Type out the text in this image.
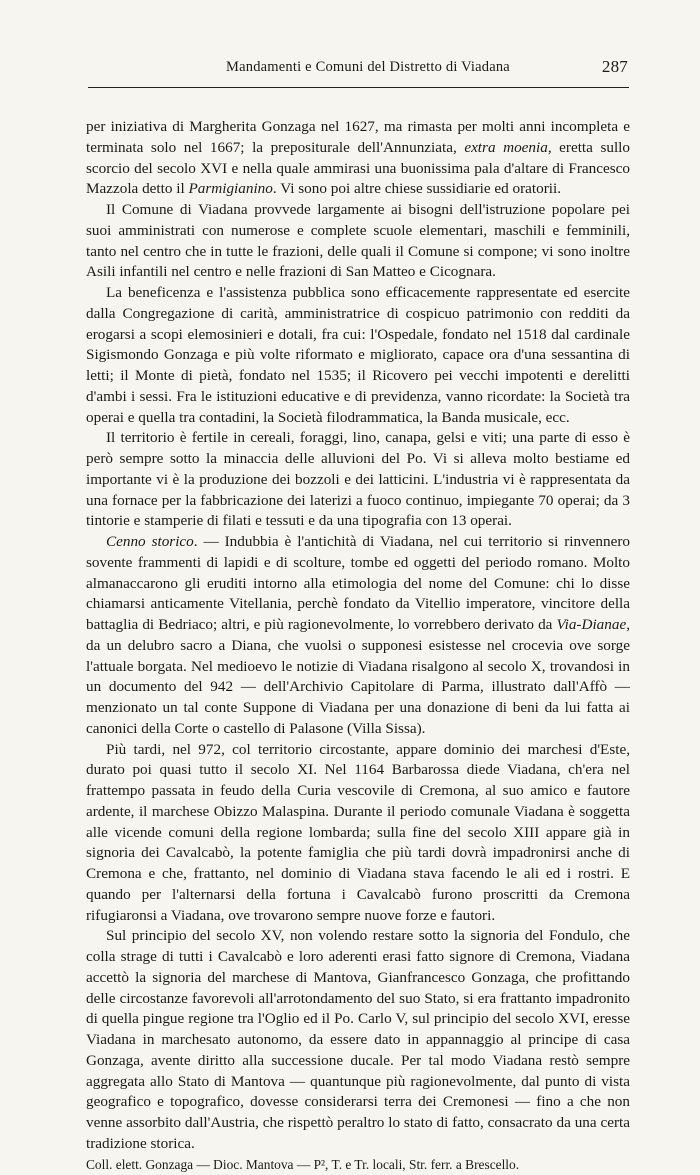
Mandamenti e Comuni del Distretto di Viadana	287

per iniziativa di Margherita Gonzaga nel 1627, ma rimasta per molti anni incompleta e terminata solo nel 1667; la prepositurale dell'Annunziata, extra moenia, eretta sullo scorcio del secolo XVI e nella quale ammirasi una buonissima pala d'altare di Francesco Mazzola detto il Parmigianino. Vi sono poi altre chiese sussidiarie ed oratorii.

Il Comune di Viadana provvede largamente ai bisogni dell'istruzione popolare pei suoi amministrati con numerose e complete scuole elementari, maschili e femminili, tanto nel centro che in tutte le frazioni, delle quali il Comune si compone; vi sono inoltre Asili infantili nel centro e nelle frazioni di San Matteo e Cicognara.

La beneficenza e l'assistenza pubblica sono efficacemente rappresentate ed esercite dalla Congregazione di carità, amministratrice di cospicuo patrimonio con redditi da erogarsi a scopi elemosinieri e dotali, fra cui: l'Ospedale, fondato nel 1518 dal cardinale Sigismondo Gonzaga e più volte riformato e migliorato, capace ora d'una sessantina di letti; il Monte di pietà, fondato nel 1535; il Ricovero pei vecchi impotenti e derelitti d'ambi i sessi. Fra le istituzioni educative e di previdenza, vanno ricordate: la Società tra operai e quella tra contadini, la Società filodrammatica, la Banda musicale, ecc.

Il territorio è fertile in cereali, foraggi, lino, canapa, gelsi e viti; una parte di esso è però sempre sotto la minaccia delle alluvioni del Po. Vi si alleva molto bestiame ed importante vi è la produzione dei bozzoli e dei latticini. L'industria vi è rappresentata da una fornace per la fabbricazione dei laterizi a fuoco continuo, impiegante 70 operai; da 3 tintorie e stamperie di filati e tessuti e da una tipografia con 13 operai.

Cenno storico. — Indubbia è l'antichità di Viadana, nel cui territorio si rinvennero sovente frammenti di lapidi e di scolture, tombe ed oggetti del periodo romano. Molto almanaccarono gli eruditi intorno alla etimologia del nome del Comune: chi lo disse chiamarsi anticamente Vitellania, perchè fondato da Vitellio imperatore, vincitore della battaglia di Bedriaco; altri, e più ragionevolmente, lo vorrebbero derivato da Via-Dianae, da un delubro sacro a Diana, che vuolsi o supponesi esistesse nel crocevia ove sorge l'attuale borgata. Nel medioevo le notizie di Viadana risalgono al secolo X, trovandosi in un documento del 942 — dell'Archivio Capitolare di Parma, illustrato dall'Affò — menzionato un tal conte Suppone di Viadana per una donazione di beni da lui fatta ai canonici della Corte o castello di Palasone (Villa Sissa).

Più tardi, nel 972, col territorio circostante, appare dominio dei marchesi d'Este, durato poi quasi tutto il secolo XI. Nel 1164 Barbarossa diede Viadana, ch'era nel frattempo passata in feudo della Curia vescovile di Cremona, al suo amico e fautore ardente, il marchese Obizzo Malaspina. Durante il periodo comunale Viadana è soggetta alle vicende comuni della regione lombarda; sulla fine del secolo XIII appare già in signoria dei Cavalcabò, la potente famiglia che più tardi dovrà impadronirsi anche di Cremona e che, frattanto, nel dominio di Viadana stava facendo le ali ed i rostri. E quando per l'alternarsi della fortuna i Cavalcabò furono proscritti da Cremona rifugiaronsi a Viadana, ove trovarono sempre nuove forze e fautori.

Sul principio del secolo XV, non volendo restare sotto la signoria del Fondulo, che colla strage di tutti i Cavalcabò e loro aderenti erasi fatto signore di Cremona, Viadana accettò la signoria del marchese di Mantova, Gianfrancesco Gonzaga, che profittando delle circostanze favorevoli all'arrotondamento del suo Stato, si era frattanto impadronito di quella pingue regione tra l'Oglio ed il Po. Carlo V, sul principio del secolo XVI, eresse Viadana in marchesato autonomo, da essere dato in appannaggio al principe di casa Gonzaga, avente diritto alla successione ducale. Per tal modo Viadana restò sempre aggregata allo Stato di Mantova — quantunque più ragionevolmente, dal punto di vista geografico e topografico, dovesse considerarsi terra dei Cremonesi — fino a che non venne assorbito dall'Austria, che rispettò peraltro lo stato di fatto, consacrato da una certa tradizione storica.

Coll. elett. Gonzaga — Dioc. Mantova — P², T. e Tr. locali, Str. ferr. a Brescello.
